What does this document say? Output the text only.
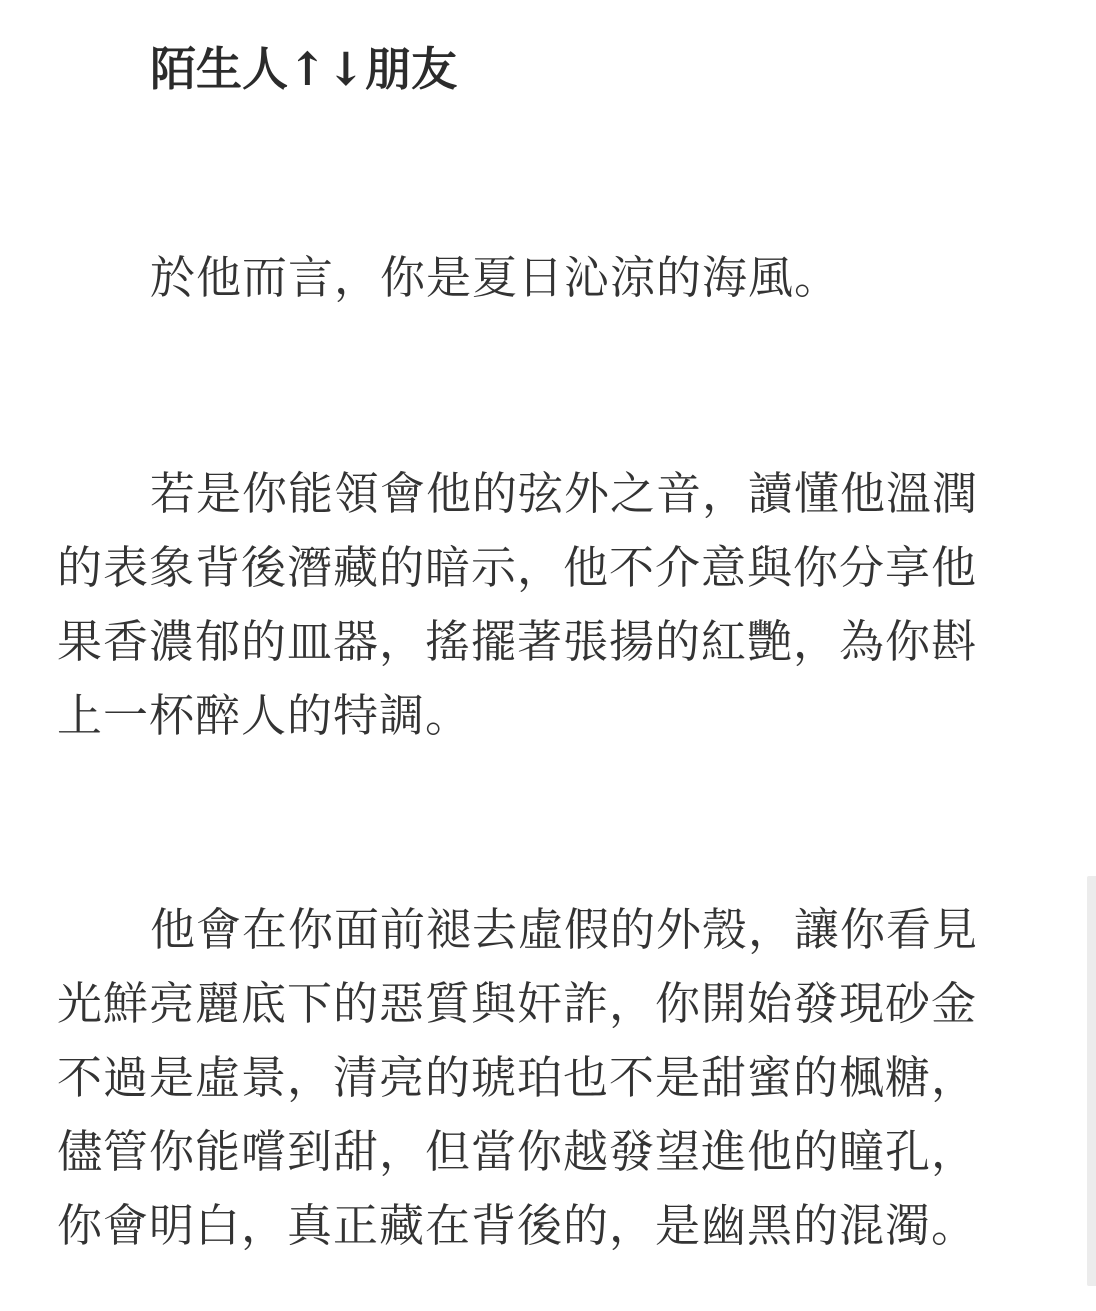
陌生人↑↓朋友

於他而言，你是夏日沁涼的海風。

若是你能領會他的弦外之音，讀懂他溫潤的表象背後潛藏的暗示，他不介意與你分享他果香濃郁的皿器，搖擺著張揚的紅艷，為你斟上一杯醉人的特調。

他會在你面前褪去虛假的外殼，讓你看見光鮮亮麗底下的惡質與奸詐，你開始發現砂金不過是虛景，清亮的琥珀也不是甜蜜的楓糖，儘管你能嚐到甜，但當你越發望進他的瞳孔，你會明白，真正藏在背後的，是幽黑的混濁。
